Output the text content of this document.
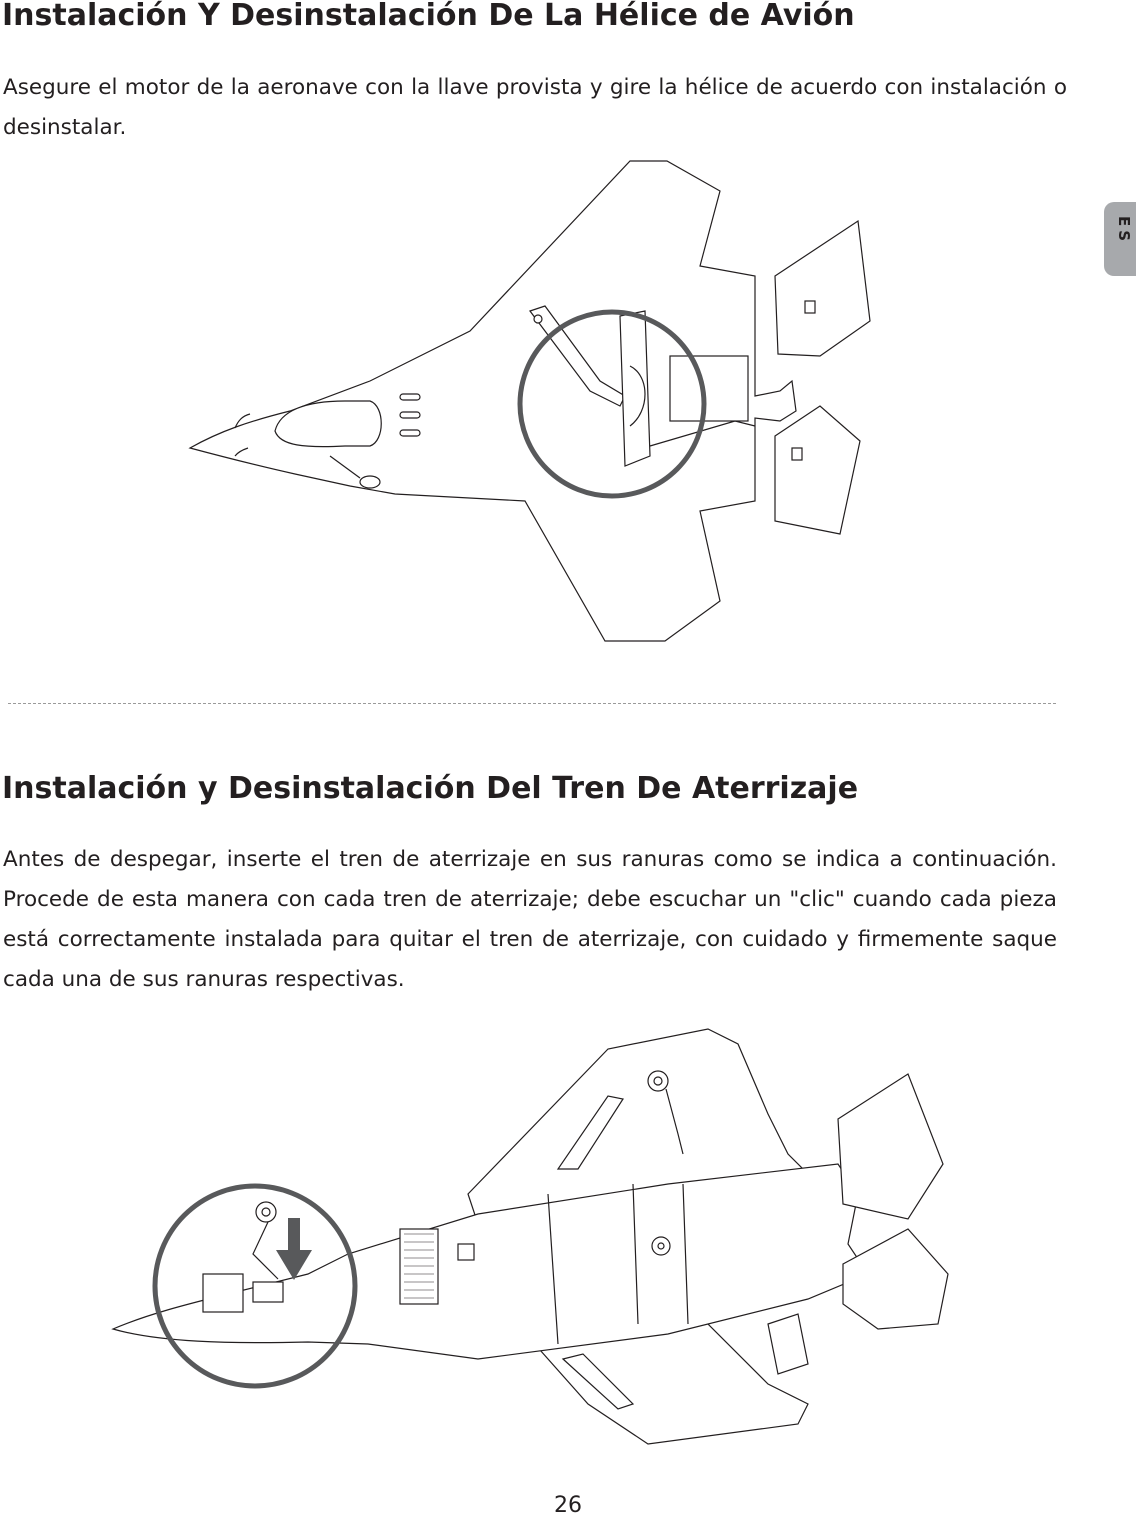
Instalación Y Desinstalación De La Hélice de Avión

Asegure el motor de la aeronave con la llave provista y gire la hélice de acuerdo con instalación o desinstalar.

Instalación y Desinstalación Del Tren De Aterrizaje

Antes de despegar, inserte el tren de aterrizaje en sus ranuras como se indica a continuación. Procede de esta manera con cada tren de aterrizaje; debe escuchar un "clic" cuando cada pieza está correctamente instalada para quitar el tren de aterrizaje, con cuidado y firmemente saque cada una de sus ranuras respectivas.

ES
26
